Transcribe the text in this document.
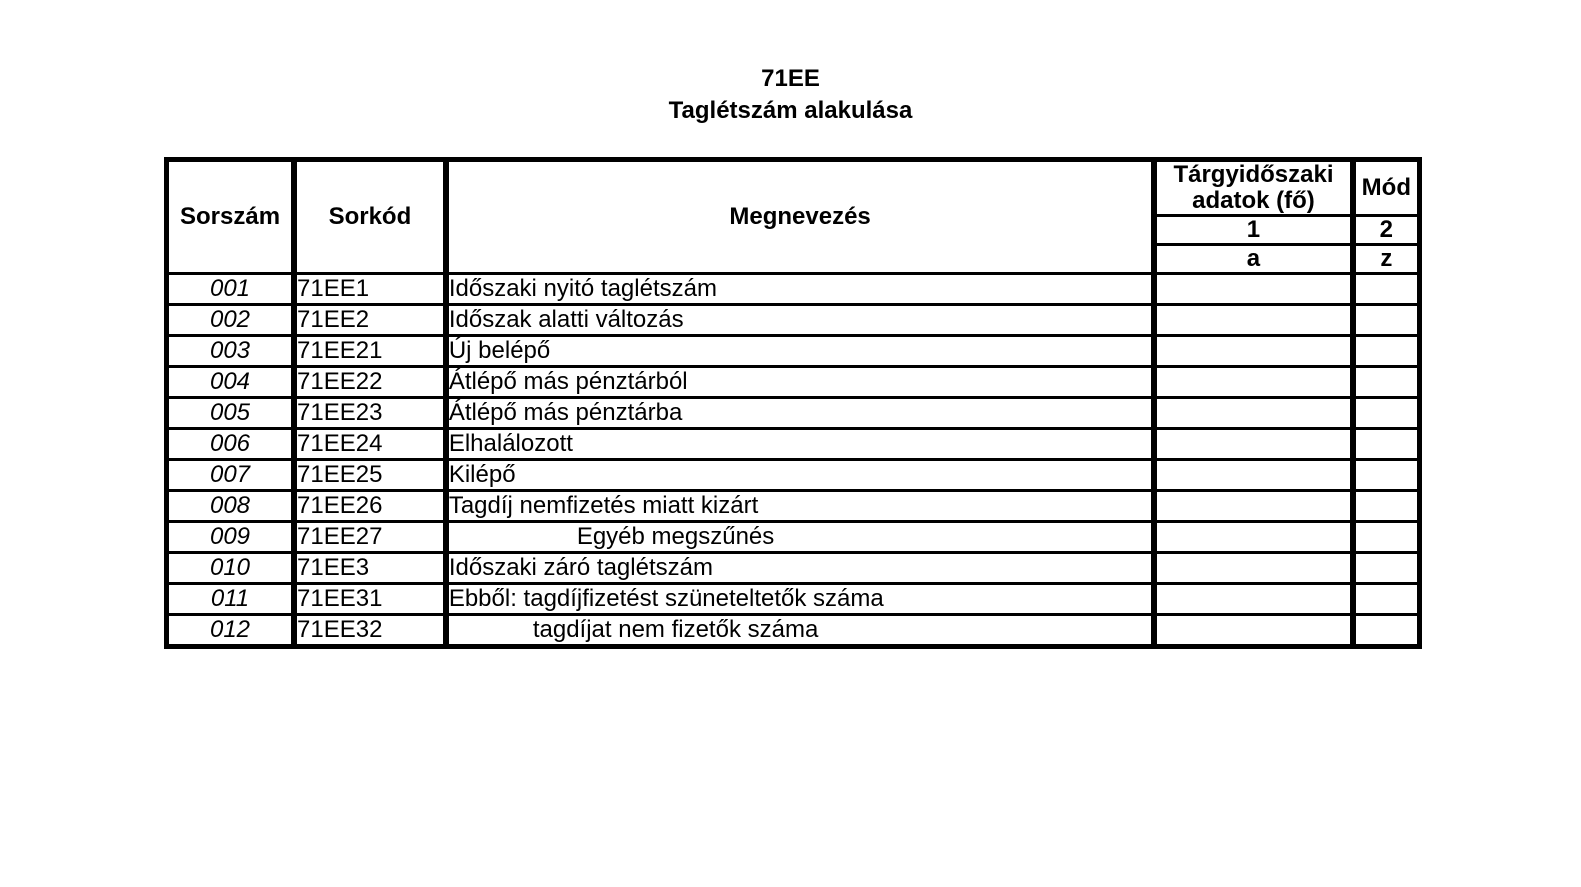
71EE
Taglétszám alakulása
Sorszám	Sorkód	Megnevezés	Tárgyidőszaki adatok (fő)	Mód
			1	2
			a	z
001	71EE1	Időszaki nyitó taglétszám		
002	71EE2	Időszak alatti változás		
003	71EE21	Új belépő		
004	71EE22	Átlépő más pénztárból		
005	71EE23	Átlépő más pénztárba		
006	71EE24	Elhalálozott		
007	71EE25	Kilépő		
008	71EE26	Tagdíj nemfizetés miatt kizárt		
009	71EE27	Egyéb megszűnés		
010	71EE3	Időszaki záró taglétszám		
011	71EE31	Ebből: tagdíjfizetést szüneteltetők száma		
012	71EE32	tagdíjat nem fizetők száma		
